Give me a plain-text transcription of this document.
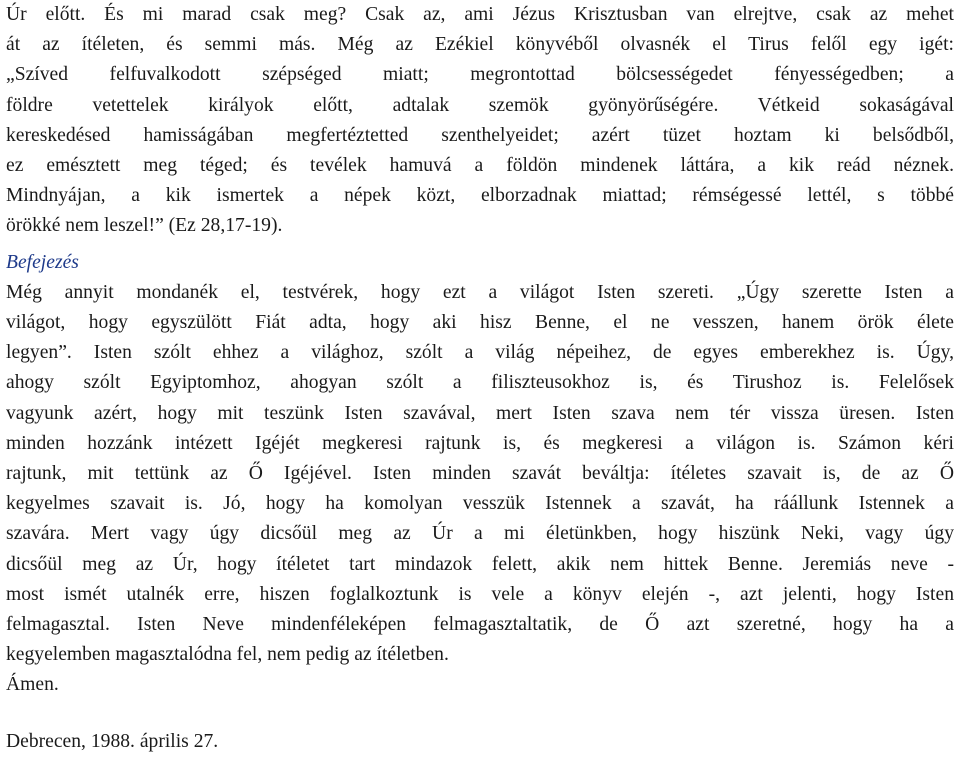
Úr előtt. És mi marad csak meg? Csak az, ami Jézus Krisztusban van elrejtve, csak az mehet
át az ítéleten, és semmi más. Még az Ezékiel könyvéből olvasnék el Tirus felől egy igét:
„Szíved felfuvalkodott szépséged miatt; megrontottad bölcsességedet fényességedben; a
földre vetettelek királyok előtt, adtalak szemök gyönyörűségére. Vétkeid sokaságával
kereskedésed hamisságában megfertéztetted szenthelyeidet; azért tüzet hoztam ki belsődből,
ez emésztett meg téged; és tevélek hamuvá a földön mindenek láttára, a kik reád néznek.
Mindnyájan, a kik ismertek a népek közt, elborzadnak miattad; rémségessé lettél, s többé
örökké nem leszel!” (Ez 28,17-19).

Befejezés

Még annyit mondanék el, testvérek, hogy ezt a világot Isten szereti. „Úgy szerette Isten a
világot, hogy egyszülött Fiát adta, hogy aki hisz Benne, el ne vesszen, hanem örök élete
legyen”. Isten szólt ehhez a világhoz, szólt a világ népeihez, de egyes emberekhez is. Úgy,
ahogy szólt Egyiptomhoz, ahogyan szólt a filiszteusokhoz is, és Tirushoz is. Felelősek
vagyunk azért, hogy mit teszünk Isten szavával, mert Isten szava nem tér vissza üresen. Isten
minden hozzánk intézett Igéjét megkeresi rajtunk is, és megkeresi a világon is. Számon kéri
rajtunk, mit tettünk az Ő Igéjével. Isten minden szavát beváltja: ítéletes szavait is, de az Ő
kegyelmes szavait is. Jó, hogy ha komolyan vesszük Istennek a szavát, ha ráállunk Istennek a
szavára. Mert vagy úgy dicsőül meg az Úr a mi életünkben, hogy hiszünk Neki, vagy úgy
dicsőül meg az Úr, hogy ítéletet tart mindazok felett, akik nem hittek Benne. Jeremiás neve -
most ismét utalnék erre, hiszen foglalkoztunk is vele a könyv elején -, azt jelenti, hogy Isten
felmagasztal. Isten Neve mindenféleképen felmagasztaltatik, de Ő azt szeretné, hogy ha a
kegyelemben magasztalódna fel, nem pedig az ítéletben.
Ámen.
Debrecen, 1988. április 27.
